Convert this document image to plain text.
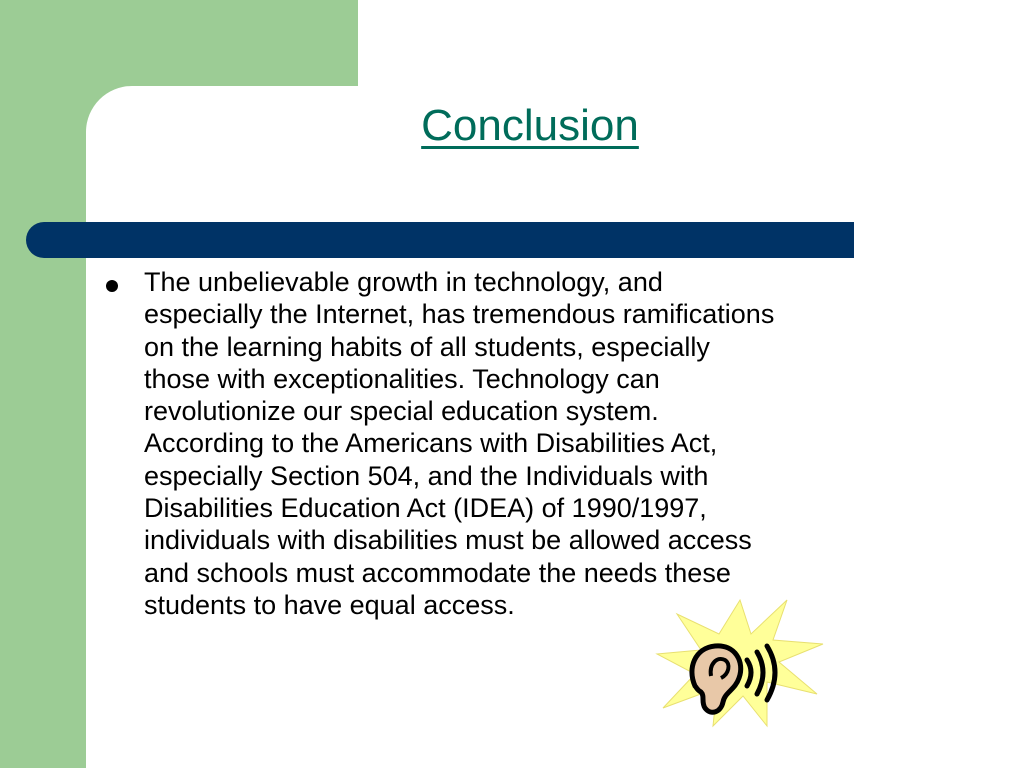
Conclusion

The unbelievable growth in technology, and
especially the Internet, has tremendous ramifications
on the learning habits of all students, especially
those with exceptionalities. Technology can
revolutionize our special education system.
According to the Americans with Disabilities Act,
especially Section 504, and the Individuals with
Disabilities Education Act (IDEA) of 1990/1997,
individuals with disabilities must be allowed access
and schools must accommodate the needs these
students to have equal access.
